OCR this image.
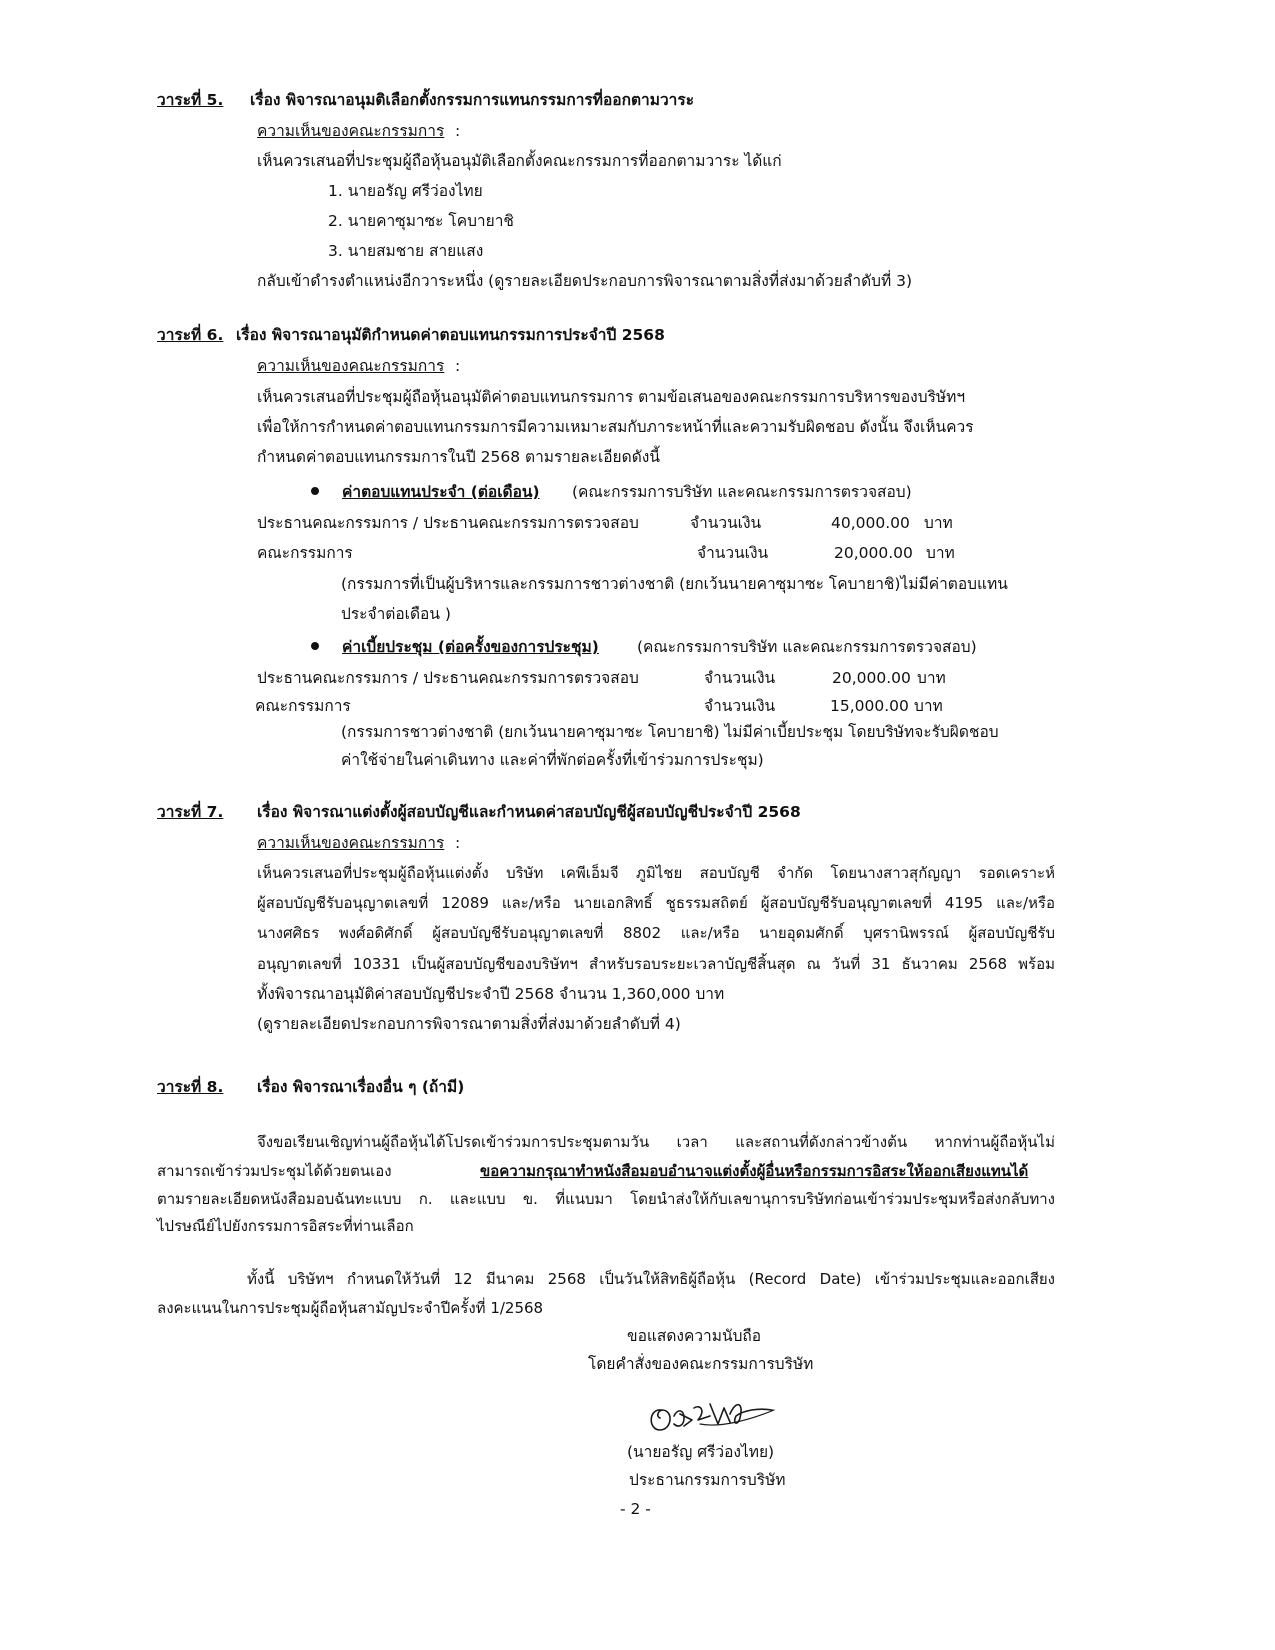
วาระที่ 5. เรื่อง พิจารณาอนุมติเลือกตั้งกรรมการแทนกรรมการที่ออกตามวาระ
ความเห็นของคณะกรรมการ :
เห็นควรเสนอที่ประชุมผู้ถือหุ้นอนุมัติเลือกตั้งคณะกรรมการที่ออกตามวาระ ได้แก่
1. นายอรัญ ศรีว่องไทย
2. นายคาซุมาซะ โคบายาชิ
3. นายสมชาย สายแสง
กลับเข้าดำรงตำแหน่งอีกวาระหนึ่ง (ดูรายละเอียดประกอบการพิจารณาตามสิ่งที่ส่งมาด้วยลำดับที่ 3)
วาระที่ 6. เรื่อง พิจารณาอนุมัติกำหนดค่าตอบแทนกรรมการประจำปี 2568
ความเห็นของคณะกรรมการ :
เห็นควรเสนอที่ประชุมผู้ถือหุ้นอนุมัติค่าตอบแทนกรรมการ ตามข้อเสนอของคณะกรรมการบริหารของบริษัทฯ
เพื่อให้การกำหนดค่าตอบแทนกรรมการมีความเหมาะสมกับภาระหน้าที่และความรับผิดชอบ ดังนั้น จึงเห็นควร
กำหนดค่าตอบแทนกรรมการในปี 2568 ตามรายละเอียดดังนี้
ค่าตอบแทนประจำ (ต่อเดือน) (คณะกรรมการบริษัท และคณะกรรมการตรวจสอบ)
ประธานคณะกรรมการ / ประธานคณะกรรมการตรวจสอบ	จำนวนเงิน	40,000.00 บาท
คณะกรรมการ	จำนวนเงิน	20,000.00 บาท
(กรรมการที่เป็นผู้บริหารและกรรมการชาวต่างชาติ (ยกเว้นนายคาซุมาซะ โคบายาชิ)ไม่มีค่าตอบแทน
ประจำต่อเดือน )
ค่าเบี้ยประชุม (ต่อครั้งของการประชุม) (คณะกรรมการบริษัท และคณะกรรมการตรวจสอบ)
ประธานคณะกรรมการ / ประธานคณะกรรมการตรวจสอบ	จำนวนเงิน	20,000.00 บาท
คณะกรรมการ	จำนวนเงิน	15,000.00 บาท
(กรรมการชาวต่างชาติ (ยกเว้นนายคาซุมาซะ โคบายาชิ) ไม่มีค่าเบี้ยประชุม โดยบริษัทจะรับผิดชอบ
ค่าใช้จ่ายในค่าเดินทาง และค่าที่พักต่อครั้งที่เข้าร่วมการประชุม)
วาระที่ 7. เรื่อง พิจารณาแต่งตั้งผู้สอบบัญชีและกำหนดค่าสอบบัญชีผู้สอบบัญชีประจำปี 2568
ความเห็นของคณะกรรมการ :
เห็นควรเสนอที่ประชุมผู้ถือหุ้นแต่งตั้ง บริษัท เคพีเอ็มจี ภูมิไชย สอบบัญชี จำกัด โดยนางสาวสุกัญญา รอดเคราะห์
ผู้สอบบัญชีรับอนุญาตเลขที่ 12089 และ/หรือ นายเอกสิทธิ์ ชูธรรมสถิตย์ ผู้สอบบัญชีรับอนุญาตเลขที่ 4195 และ/หรือ
นางศศิธร พงศ์อดิศักดิ์ ผู้สอบบัญชีรับอนุญาตเลขที่ 8802 และ/หรือ นายอุดมศักดิ์ บุศรานิพรรณ์ ผู้สอบบัญชีรับ
อนุญาตเลขที่ 10331 เป็นผู้สอบบัญชีของบริษัทฯ สำหรับรอบระยะเวลาบัญชีสิ้นสุด ณ วันที่ 31 ธันวาคม 2568 พร้อม
ทั้งพิจารณาอนุมัติค่าสอบบัญชีประจำปี 2568 จำนวน 1,360,000 บาท
(ดูรายละเอียดประกอบการพิจารณาตามสิ่งที่ส่งมาด้วยลำดับที่ 4)
วาระที่ 8. เรื่อง พิจารณาเรื่องอื่น ๆ (ถ้ามี)
จึงขอเรียนเชิญท่านผู้ถือหุ้นได้โปรดเข้าร่วมการประชุมตามวัน เวลา และสถานที่ดังกล่าวข้างต้น หากท่านผู้ถือหุ้นไม่
สามารถเข้าร่วมประชุมได้ด้วยตนเอง	ขอความกรุณาทำหนังสือมอบอำนาจแต่งตั้งผู้อื่นหรือกรรมการอิสระให้ออกเสียงแทนได้
ตามรายละเอียดหนังสือมอบฉันทะแบบ ก. และแบบ ข. ที่แนบมา โดยนำส่งให้กับเลขานุการบริษัทก่อนเข้าร่วมประชุมหรือส่งกลับทาง
ไปรษณีย์ไปยังกรรมการอิสระที่ท่านเลือก
ทั้งนี้ บริษัทฯ กำหนดให้วันที่ 12 มีนาคม 2568 เป็นวันให้สิทธิผู้ถือหุ้น (Record Date) เข้าร่วมประชุมและออกเสียง
ลงคะแนนในการประชุมผู้ถือหุ้นสามัญประจำปีครั้งที่ 1/2568
ขอแสดงความนับถือ
โดยคำสั่งของคณะกรรมการบริษัท
(นายอรัญ ศรีว่องไทย)
ประธานกรรมการบริษัท
- 2 -
